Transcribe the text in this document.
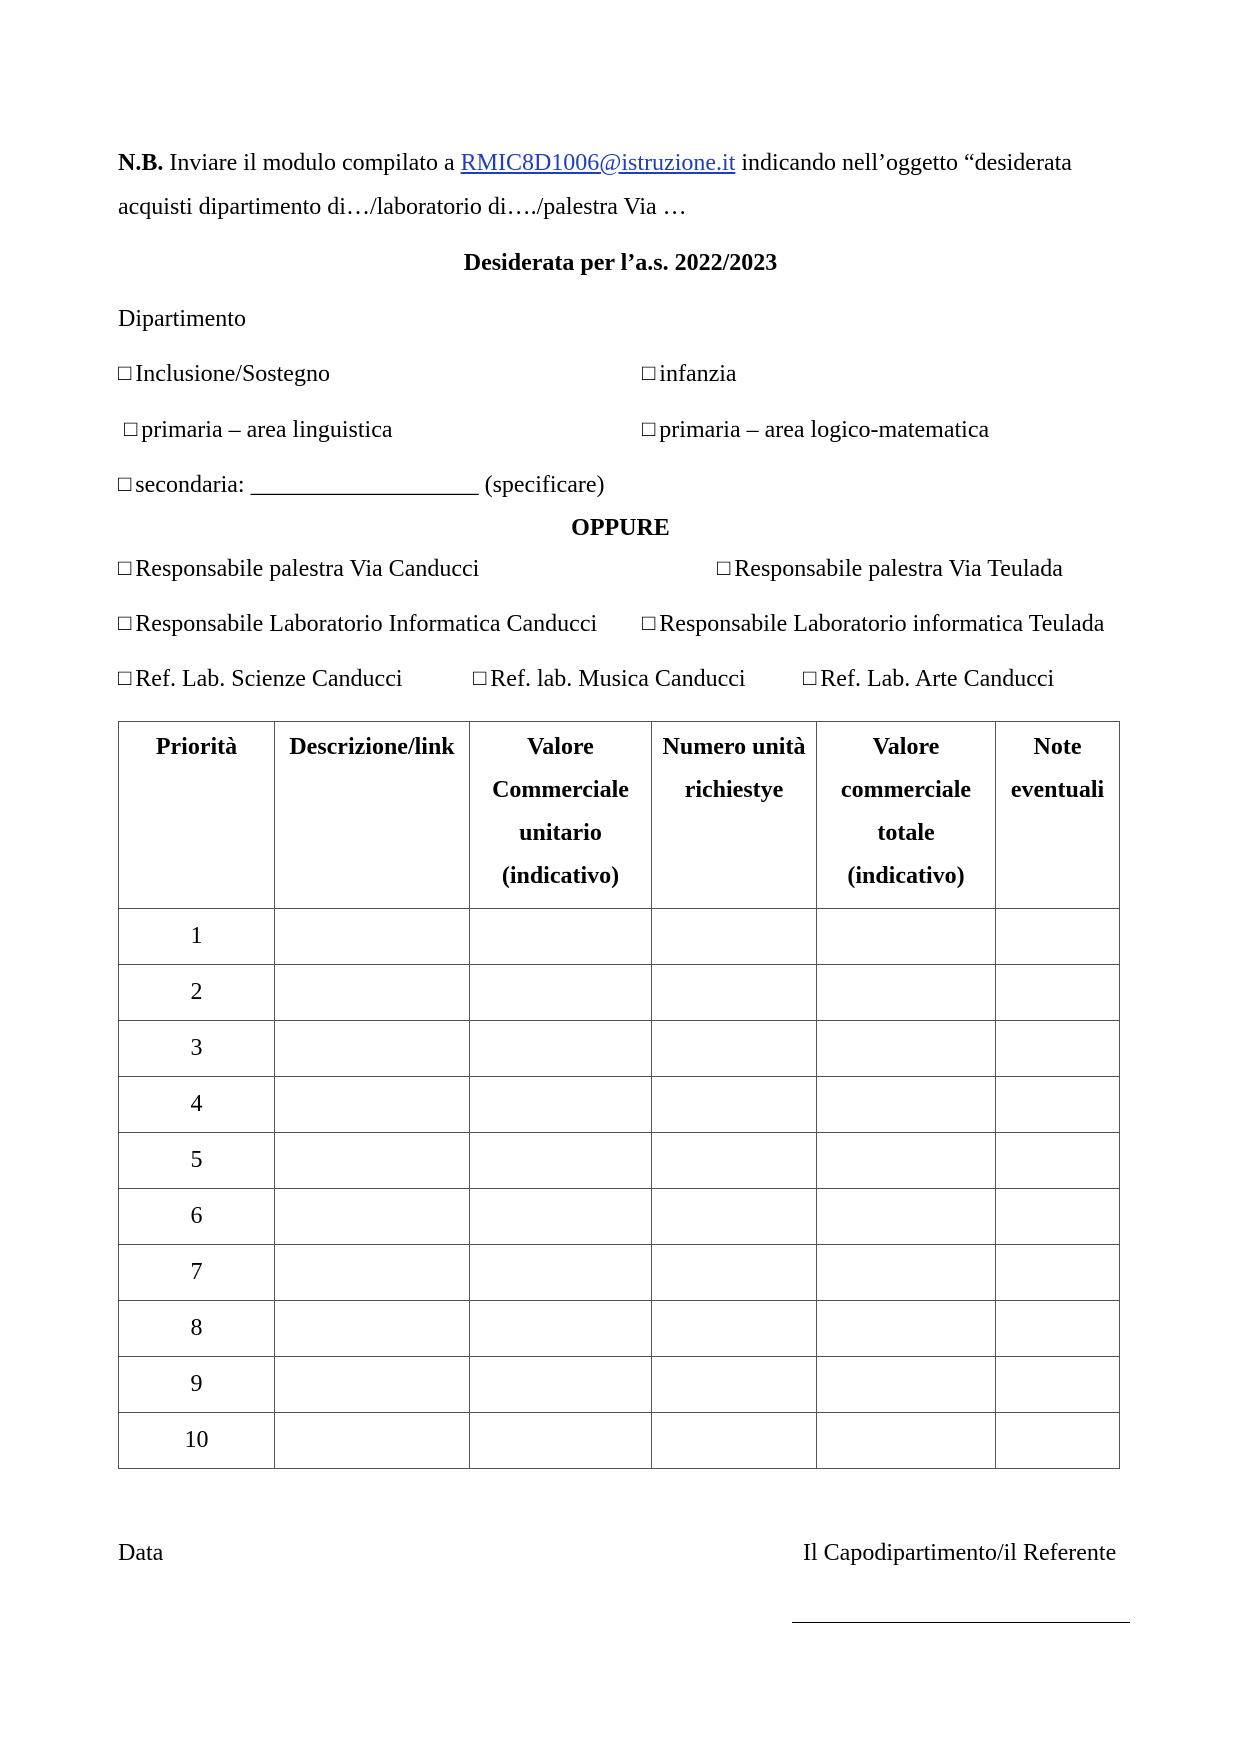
N.B. Inviare il modulo compilato a RMIC8D1006@istruzione.it indicando nell’oggetto “desiderata
acquisti dipartimento di…/laboratorio di…./palestra Via …
Desiderata per l’a.s. 2022/2023
Dipartimento
□ Inclusione/Sostegno	□ infanzia
□ primaria – area linguistica	□ primaria – area logico-matematica
□ secondaria: ___________________ (specificare)
OPPURE
□ Responsabile palestra Via Canducci	□ Responsabile palestra Via Teulada
□ Responsabile Laboratorio Informatica Canducci □ Responsabile Laboratorio informatica Teulada
□ Ref. Lab. Scienze Canducci	□ Ref. lab. Musica Canducci	□ Ref. Lab. Arte Canducci
Priorità	Descrizione/link	Valore Commerciale unitario (indicativo)	Numero unità richiestye	Valore commerciale totale (indicativo)	Note eventuali
1					
2					
3					
4					
5					
6					
7					
8					
9					
10					
Data	Il Capodipartimento/il Referente
